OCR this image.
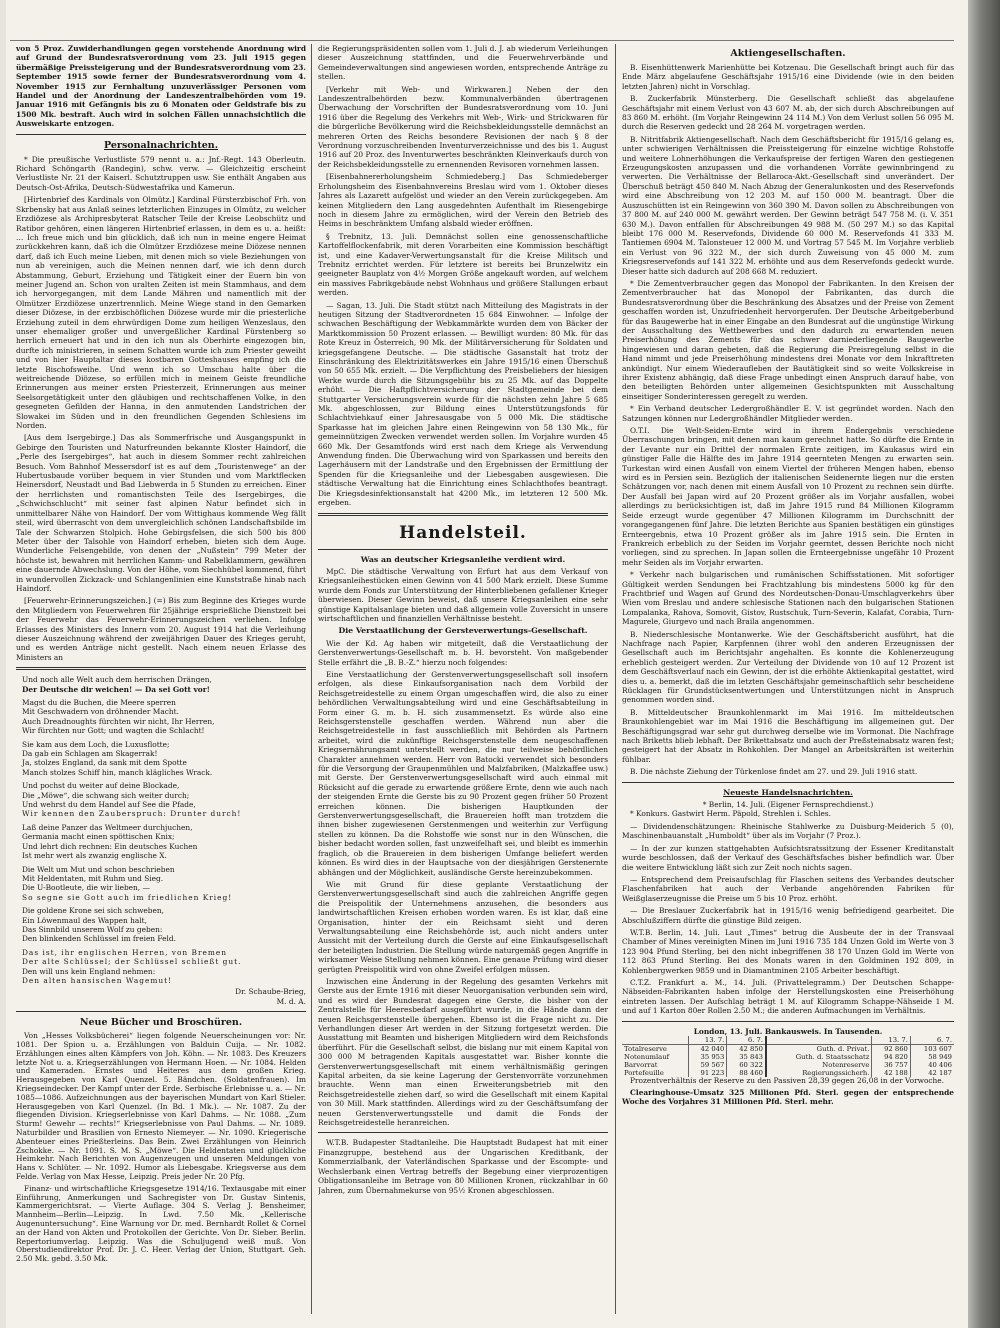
von 5 Proz. Zuwiderhandlungen gegen vorstehende Anordnung wird auf Grund der Bundesratsverordnung vom 23. Juli 1915 gegen übermäßige Preissteigerung und der Bundesratsverordnung vom 23. September 1915 sowie ferner der Bundesratsverordnung vom 4. November 1915 zur Fernhaltung unzuverlässiger Personen vom Handel und der Anordnung der Landeszentralbehörden vom 19. Januar 1916 mit Gefängnis bis zu 6 Monaten oder Geldstrafe bis zu 1500 Mk. bestraft. Auch wird in solchen Fällen unnachsichtlich die Ausweiskarte entzogen.

Personalnachrichten.

* Die preußische Verlustliste 579 nennt u. a.: Jnf.-Regt. 143 Oberleutn. Richard Schöngarth (Randegin), schw. verw. — Gleichzeitig erscheint Verlustliste Nr. 21 der Kaiserl. Schutztruppen usw. Sie enthält Angaben aus Deutsch-Ost-Afrika, Deutsch-Südwestafrika und Kamerun.

[Hirtenbrief des Kardinals von Olmütz.] Kardinal Fürsterzbischof Frh. von Skrbensky hat aus Anlaß seines letzterlichen Einzuges in Olmütz, zu welcher Erzdiözese als Archipresbyterat Ratscher Teile der Kreise Leobschütz und Ratibor gehören, einen längeren Hirtenbrief erlassen, in dem es u. a. heißt: … Ich freue mich und bin glücklich, daß ich nun in meine engere Heimat zurückkehren kann, daß ich die Olmützer Erzdiözese meine Diözese nennen darf, daß ich Euch meine Lieben, mit denen mich so viele Beziehungen von nun ab vereinigen, auch die Meinen nennen darf, wie ich denn durch Abstammung, Geburt, Erziehung und Tätigkeit einer der Euern bin von meiner Jugend an. Schon von uralten Zeiten ist mein Stammhaus, and dem ich hervorgegangen, mit dem Lande Mähren und namentlich mit der Olmützer Erzdiözese unzertrennlich. Meine Wiege stand in den Gemarken dieser Diözese, in der erzbischöflichen Diözese wurde mir die priesterliche Erziehung zuteil in dem ehrwürdigen Dome zum heiligen Wenzeslaus, den unser ehemaliger großer und unvergeßlicher Kardinal Fürstenberg so herrlich erneuert hat und in den ich nun als Oberhirte eingezogen bin, durfte ich ministrieren, in seinem Schatten wurde ich zum Priester geweiht und von hier Hauptaltar dieses kostbaren Gotteshauses empfing ich die letzte Bischofsweihe. Und wenn ich so Umschau halte über die weitreichende Diözese, so erfüllen mich in meinem Geiste freundliche Erinnerungen aus meiner ersten Priesterzeit, Erinnerungen aus meiner Seelsorgetätigkeit unter den gläubigen und rechtschaffenen Volke, in den gesegneten Gefilden der Hanna, in den anmutenden Landstrichen der Slowakei im Süden und in den freundlichen Gegenden Schlesiens im Norden.

[Aus dem Isergebirge.] Das als Sommerfrische und Ausgangspunkt in Gebirge den Touristen und Naturfreunden bekannte Kloster Haindorf, die „Perle des Isergebirges“, hat auch in diesem Sommer recht zahlreichen Besuch. Vom Bahnhof Messersdorf ist es auf dem „Touristenwege“ an der Hubertusbaude vorüber bequem in vier Stunden und vom Marktflecken Heinersdorf, Neustadt und Bad Liebwerda in 5 Stunden zu erreichen. Einer der herrlichsten und romantischsten Teile des Isergebirges, die „Schwichschlucht“ mit seiner fast alpinen Natur befindet sich in unmittelbarer Nähe von Haindorf. Der vom Wittighaus kommende Weg fällt steil, wird überrascht von dem unvergleichlich schönen Landschaftsbilde im Tale der Schwarzen Stolpich. Hohe Gebirgsfelsen, die sich 500 bis 800 Meter über der Talsohle von Haindorf erheben, bieten sich dem Auge. Wunderliche Felsengebilde, von denen der „Nußstein“ 799 Meter der höchste ist, bewahren mit herrlichen Kamm- und Rabelklammern, gewähren eine dauernde Abwechslung. Von der Höhe, vom Siechhübel kommend, führt in wundervollen Zickzack- und Schlangenlinien eine Kunststraße hinab nach Haindorf.

[Feuerwehr-Erinnerungszeichen.] (=) Bis zum Beginne des Krieges wurde den Mitgliedern von Feuerwehren für 25jährige ersprießliche Dienstzeit bei der Feuerwehr das Feuerwehr-Erinnerungszeichen verliehen. Infolge Erlasses des Ministers des Innern vom 20. August 1914 hat die Verleihung dieser Auszeichnung während der zweijährigen Dauer des Krieges geruht, und es werden Anträge nicht gestellt. Nach einem neuen Erlasse des Ministers an

Und noch alle Welt auch dem herrischen Drängen,
Der Deutsche dir weichen! — Da sei Gott vor!
Magst du die Buchen, die Meere sperren
Mit Geschwadern von dröhnender Macht.
Auch Dreadnoughts fürchten wir nicht, Ihr Herren,
Wir fürchten nur Gott; und wagten die Schlacht!
Sie kam aus dem Loch, die Luxusflotte;
Da gab ein Schlagen am Skagerrak!
Ja, stolzes England, da sank mit dem Spotte
Manch stolzes Schiff hin, manch klägliches Wrack.
Und pochst du weiter auf deine Blockade,
Die „Möwe“, die schwang sich weiter durch;
Und wehrst du dem Handel auf See die Pfade,
Wir kennen den Zauberspruch: Drunter durch!
Laß deine Panzer das Weltmeer durchjuchen,
Germania macht einen spöttischen Knix;
Und lehrt dich rechnen: Ein deutsches Kuchen
Ist mehr wert als zwanzig englische X.
Die Welt um Mut und schon beschrieben
Mit Heldentaten, mit Ruhm und Sieg.
Die U-Bootleute, die wir lieben, —
So segne sie Gott auch im friedlichen Krieg!
Die goldene Krone sei sich schweben,
Ein Löwenmaul des Wappen halt,
Das Sinnbild unserem Wolf zu geben:
Den blinkenden Schlüssel im freien Feld.
Das ist, ihr englischen Herren, von Bremen
Der alte Schlüssel; der Schlüssel schließt gut.
Den will uns kein England nehmen:
Den alten hansischen Wagemut!
Dr. Schaube-Brieg,
M. d. A.
Neue Bücher und Broschüren.

Von „Hesses Volksbücherei“ liegen folgende Neuerscheinungen vor: Nr. 1081. Der Spion u. a. Erzählungen von Balduin Cuija. — Nr. 1082. Erzählungen eines alten Kämpfers von Joh. Köhn. — Nr. 1083. Des Kreuzers letzte Not u. a. Kriegserzählungen von Hermann Hoen. — Nr. 1084. Helden und Kameraden. Ernstes und Heiteres aus dem großen Krieg. Herausgegeben von Karl Quenzel. 5. Bändchen. (Soldatenfrauen). Im Kriegseindecker. Der Kampf unter der Erde. Serbische Erlebnisse u. a. — Nr. 1085—1086. Aufzeichnungen aus der bayerischen Mundart von Karl Stieler. Herausgegeben von Karl Quenzel. (In Bd. 1 Mk.). — Nr. 1087. Zu der fliegenden Division. Kriegserlebnisse von Karl Dahms. — Nr. 1088. „Zum Sturm! Gewehr — rechts!“ Kriegserlebnisse von Paul Dahms. — Nr. 1089. Naturbilder und Brasilien von Ernesto Niemeyer. — Nr. 1090. Kriegerische Abenteuer eines Prießterleins. Das Bein. Zwei Erzählungen von Heinrich Zschokke. — Nr. 1091. S. M. S. „Möwe“. Die Heldentaten und glückliche Heimkehr. Nach Berichten von Augenzeugen und unseren Meldungen von Hans v. Schlüter. — Nr. 1092. Humor als Liebesgabe. Kriegsverse aus dem Felde. Verlag von Max Hesse, Leipzig. Preis jeder Nr. 20 Pfg.

Finanz- und wirtschaftliche Kriegsgesetze 1914/16. Textausgabe mit einer Einführung, Anmerkungen und Sachregister von Dr. Gustav Sintenis, Kammergerichtsrat. — Vierte Auflage. 304 S. Verlag J. Bensheimer, Mannheim—Berlin—Leipzig. In Lwd. 7.50 Mk. „Kellerische Augenuntersuchung“. Eine Warnung vor Dr. med. Bernhardt Rollet & Cornel an der Hand von Akten und Protokollen der Gerichte. Von Dr. Sieber. Berlin. Repertoriumverlag. Leipzig. Was die Schuljugend weiß muß. Von Oberstudiendirektor Prof. Dr. J. C. Heer. Verlag der Union, Stuttgart. Geh. 2.50 Mk. gebd. 3.50 Mk.

die Regierungspräsidenten sollen vom 1. Juli d. J. ab wiederum Verleihungen dieser Auszeichnung stattfinden, und die Feuerwehrverbände und Gemeindeverwaltungen sind angewiesen worden, entsprechende Anträge zu stellen.

[Verkehr mit Web- und Wirkwaren.] Neben der den Landeszentralbehörden bezw. Kommunalverbänden übertragenen Überwachung der Vorschriften der Bundesratsverordnung vom 10. Juni 1916 über die Regelung des Verkehrs mit Web-, Wirk- und Strickwaren für die bürgerliche Bevölkerung wird die Reichsbekleidungsstelle demnächst an mehreren Orten des Reichs besondere Revisionen der nach § 8 der Verordnung vorzuschreibenden Inventurverzeichnisse und des bis 1. August 1916 auf 20 Proz. des Inventurwertes beschränkten Kleinverkaufs durch von der Reichsbekleidungsstelle zu ernennenden Revisoren vornehmen lassen.

[Eisenbahnererholungsheim Schmiedeberg.] Das Schmiedeberger Erholungsheim des Eisenbahnvereins Breslau wird vom 1. Oktober dieses Jahres als Lazarett aufgelöst und wieder an den Verein zurückgegeben. Am keinen Mitgliedern den Lang ausgedehnten Aufenthalt im Riesengebirge noch in diesem Jahre zu ermöglichen, wird der Verein den Betrieb des Heims in beschränktem Umfang alsbald wieder eröffnen.

§ Trebnitz, 13. Juli. Demnächst sollen eine genossenschaftliche Kartoffelflockenfabrik, mit deren Vorarbeiten eine Kommission beschäftigt ist, und eine Kadaver-Verwertungsanstalt für die Kreise Militsch und Trebnitz errichtet werden. Für letztere ist bereits bei Brunzelwitz ein geeigneter Bauplatz von 4½ Morgen Größe angekauft worden, auf welchem ein massives Fabrikgebäude nebst Wohnhaus und größere Stallungen erbaut werden.

— Sagan, 13. Juli. Die Stadt stützt nach Mitteilung des Magistrats in der heutigen Sitzung der Stadtverordneten 15 684 Einwohner. — Infolge der schwachen Beschäftigung der Webkammärkte wurden dem von Bäcker der Marktkommission 50 Prozent erlassen. — Bewilligt wurden: 80 Mk. für das Rote Kreuz in Österreich, 90 Mk. der Militärversicherung für Soldaten und kriegsgefangene Deutsche. — Die städtische Gasanstalt hat trotz der Einschränkung des Elektrizitätswerkes ein Jahre 1915/16 einen Überschuß von 50 655 Mk. erzielt. — Die Verpflichtung des Preisbeliebers der hiesigen Werke wurde durch die Sitzungsgebühr bis zu 25 Mk. auf das Doppelte erhöht. — Die Haftpflichtversicherung der Stadtgemeinde bei dem Stuttgarter Versicherungsverein wurde für die nächsten zehn Jahre 5 685 Mk. abgeschlossen, zur Bildung eines Unterstützungsfonds für Schlachtviehkauf einer Jahresausgabe von 5 000 Mk. Die städtische Sparkasse hat im gleichen Jahre einen Reingewinn von 58 130 Mk., für gemeinnützigen Zwecken verwendet werden sollen. Im Vorjahre wurden 45 660 Mk. Der Gesamtfonds wird erst nach dem Kriege als Verwendung Anwendung finden. Die Überwachung wird von Sparkassen und bereits den Lagerhäusern mit der Landstraße und den Ergebnissen der Ermittlung der Spenden für die Kriegsanleihe und der Liebesgaben ausgewiesen. Die städtische Verwaltung hat die Einrichtung eines Schlachthofes beantragt. Die Kriegsdesinfektionsanstalt hat 4200 Mk., im letzteren 12 500 Mk. ergeben.

Handelsteil.
Was an deutscher Kriegsanleihe verdient wird.

MpC. Die städtische Verwaltung von Erfurt hat aus dem Verkauf von Kriegsanleihestücken einen Gewinn von 41 500 Mark erzielt. Diese Summe wurde dem Fonds zur Unterstützung der Hinterbliebenen gefallener Krieger überwiesen. Dieser Gewinn beweist, daß unsere Kriegsanleihen eine sehr günstige Kapitalsanlage bieten und daß allgemein volle Zuversicht in unsere wirtschaftlichen und finanziellen Verhältnisse besteht.

Die Verstaatlichung der Gersteverwertungs-Gesellschaft.

Wie der Kd. Ag haben wir mitgeteilt, daß die Verstaatlichung der Gerstenverwertungs-Gesellschaft m. b. H. bevorsteht. Von maßgebender Stelle erfährt die „B. B.-Z.“ hierzu noch folgendes:

Eine Verstaatlichung der Gerstenverwertungsgesellschaft soll insofern erfolgen, als diese Einkaufsorganisation nach dem Vorbild der Reichsgetreidestelle zu einem Organ umgeschaffen wird, die also zu einer behördlichen Verwaltungsabteilung wird und eine Geschäftsabteilung in Form einer G. m. b. H. sich zusammensetzt. Es würde also eine Reichsgerstenstelle geschaffen werden. Während nun aber die Reichsgetreidestelle in fast ausschließlich mit Behörden als Partnern arbeitet, wird die zukünftige Reichsgerstenstelle dem neugeschaffenen Kriegsernährungsamt unterstellt werden, die nur teilweise behördlichen Charakter annehmen werden. Herr von Batocki verwendet sich besonders für die Versorgung der Graupenmühlen und Malzfabriken, (Malzkaffee usw.) mit Gerste. Der Gerstenverwertungsgesellschaft wird auch einmal mit Rücksicht auf die gerade zu erwartende größere Ernte, denn wie auch nach der steigenden Ernte die Gerste bis zu 90 Prozent gegen früher 50 Prozent erreichen können. Die bisherigen Hauptkunden der Gerstenverwertungsgesellschaft, die Brauereien hofft man trotzdem die ihnen bisher zugewiesenen Gerstenmengen und weiterhin zur Verfügung stellen zu können. Da die Rohstoffe wie sonst nur in den Wünschen, die bisher bedacht worden sollen, fast unzweifelhaft sei, und bleibt es immerhin fraglich, ob die Brauereien in dem bisherigen Umfange beliefert werden können. Es wird dies in der Hauptsache von der diesjährigen Gerstenernte abhängen und der Möglichkeit, ausländische Gerste hereinzubekommen.

Wie mit Grund für diese geplante Verstaatlichung der Gerstenverwertungsgesellschaft sind auch die zahlreichen Angriffe gegen die Preispolitik der Unternehmens anzusehen, die besonders aus landwirtschaftlichen Kreisen erhoben worden waren. Es ist klar, daß eine Organisation, hinter der ein Reichsamt sieht und deren Verwaltungsabteilung eine Reichsbehörde ist, auch nicht anders unter Aussicht mit der Verteilung durch die Gerste auf eine Einkaufsgesellschaft der beteiligten Industrien. Die Stellung würde naturgemäß gegen Angriffe in wirksamer Weise Stellung nehmen können. Eine genaue Prüfung wird dieser gerügten Preispolitik wird von ohne Zweifel erfolgen müssen.

Inzwischen eine Änderung in der Regelung des gesamten Verkehrs mit Gerste aus der Ernte 1916 mit dieser Neuorganisation verbunden sein wird, und es wird der Bundesrat dagegen eine Gerste, die bisher von der Zentralstelle für Heeresbedarf ausgeführt wurde, in die Hände dann der neuen Reichsgerstenstelle übergehen. Ebenso ist die Frage nicht zu. Die Verhandlungen dieser Art werden in der Sitzung fortgesetzt werden. Die Ausstattung mit Beamten und bisherigen Mitgliedern wird dem Reichsfonds überführt. Für die Gesellschaft selbst, die bislang nur mit einem Kapital von 300 000 M betragenden Kapitals ausgestattet war. Bisher konnte die Gerstenverwertungsgesellschaft mit einem verhältnismäßig geringen Kapital arbeiten, da sie keine Lagerung der Gerstenvorräte vorzunehmen brauchte. Wenn man einen Erweiterungsbetrieb mit den Reichsgetreidestelle ziehen darf, so wird die Gesellschaft mit einem Kapital von 30 Mill. Mark stattfinden. Allerdings wird zu der Geschäftsumfang der neuen Gerstenverwertungsstelle und damit die Fonds der Reichsgetreidestelle heranreichen.

W.T.B. Budapester Stadtanleihe. Die Hauptstadt Budapest hat mit einer Finanzgruppe, bestehend aus der Ungarischen Kreditbank, der Kommerzialbank, der Vaterländischen Sparkasse und der Escompte- und Wechslerbank einen Vertrag betreffs der Begebung einer vierprozentigen Obligationsanleihe im Betrage von 80 Millionen Kronen, rückzahlbar in 60 Jahren, zum Übernahmekurse von 95½ Kronen abgeschlossen.

Aktiengesellschaften.

B. Eisenhüttenwerk Marienhütte bei Kotzenau. Die Gesellschaft bringt auch für das Ende März abgelaufene Geschäftsjahr 1915/16 eine Dividende (wie in den beiden letzten Jahren) nicht in Vorschlag.

B. Zuckerfabrik Münsterberg. Die Gesellschaft schließt das abgelaufene Geschäftsjahr mit einem Verlust von 43 607 M. ab, der sich durch Abschreibungen auf 83 860 M. erhöht. (Im Vorjahr Reingewinn 24 114 M.) Von dem Verlust sollen 56 095 M. durch die Reserven gedeckt und 28 264 M. vorgetragen werden.

B. Nitritfabrik Aktiengesellschaft. Nach dem Geschäftsbericht für 1915/16 gelang es, unter schwierigen Verhältnissen die Preissteigerung für einzelne wichtige Rohstoffe und weitere Lohnerhöhungen die Verkaufspreise der fertigen Waren den gestiegenen Erzeugungskosten anzupassen und die vorhandenen Vorräte gewinnbringend zu verwerten. Die Verhältnisse der Bellaroca-Akt.-Gesellschaft sind unverändert. Der Überschuß beträgt 450 840 M. Nach Abzug der Generalunkosten und des Reservefonds wird eine Abschreibung von 12 203 M. auf 150 000 M. beantragt. Über die Auszuschütten ist ein Reingewinn von 360 390 M. Davon sollen zu Abschreibungen von 37 800 M. auf 240 000 M. gewährt werden. Der Gewinn beträgt 547 758 M. (i. V. 351 630 M.). Davon entfallen für Abschreibungen 49 988 M. (50 297 M.) so das Kapital bleibt 176 000 M. Reservefonds, Dividende 60 000 M. Reservefonds 41 333 M. Tantiemen 6904 M. Talonsteuer 12 000 M. und Vortrag 57 545 M. Im Vorjahre verblieb ein Verlust von 96 322 M., der sich durch Zuweisung von 45 000 M. zum Kriegsreservefonds auf 141 322 M. erhöhte und aus dem Reservefonds gedeckt wurde. Dieser hatte sich dadurch auf 208 668 M. reduziert.

* Die Zementverbraucher gegen das Monopol der Fabrikanten. In den Kreisen der Zementverbraucher hat das Monopol der Fabrikanten, das durch die Bundesratsverordnung über die Beschränkung des Absatzes und der Preise von Zement geschaffen worden ist, Unzufriedenheit hervorgerufen. Der Deutsche Arbeitgeberbund für das Baugewerbe hat in einer Eingabe an den Bundesrat auf die ungünstige Wirkung der Ausschaltung des Wettbewerbes und den dadurch zu erwartenden neuen Preiserhöhung des Zements für das schwer darniederliegende Baugewerbe hingewiesen und daran gebeten, daß die Regierung die Preisregelung selbst in die Hand nimmt und jede Preiserhöhung mindestens drei Monate vor dem Inkrafttreten ankündigt. Nur einem Wiederaufleben der Bautätigkeit sind so weite Volkskreise in ihrer Existenz abhängig, daß diese Frage unbedingt einen Anspruch darauf habe, von den beteiligten Behörden unter allgemeinen Gesichtspunkten mit Ausschaltung einseitiger Sonderinteressen geregelt zu werden.

* Ein Verband deutscher Ledergroßhändler E. V. ist gegründet worden. Nach den Satzungen können nur Ledergroßhändler Mitglieder werden.

O.T.I. Die Welt-Seiden-Ernte wird in ihrem Endergebnis verschiedene Überraschungen bringen, mit denen man kaum gerechnet hatte. So dürfte die Ernte in der Levante nur ein Drittel der normalen Ernte zeitigen, im Kaukasus wird ein günstiger Falle die Hälfte des im Jahre 1914 geernteten Mengen zu erwarten sein. Turkestan wird einen Ausfall von einem Viertel der früheren Mengen haben, ebenso wird es in Persien sein. Bezüglich der italienischen Seidenernte liegen nur die ersten Schätzungen vor, nach denen mit einem Ausfall von 10 Prozent zu rechnen sein dürfte. Der Ausfall bei Japan wird auf 20 Prozent größer als im Vorjahr ausfallen, wobei allerdings zu berücksichtigen ist, daß im Jahre 1915 rund 84 Millionen Kilogramm Seide erzeugt wurde gegenüber 47 Millionen Kilogramm im Durchschnitt der vorangegangenen fünf Jahre. Die letzten Berichte aus Spanien bestätigen ein günstiges Ernteergebnis, etwa 10 Prozent größer als im Jahre 1915 sein. Die Ernten in Frankreich erbeblich zu der Seiden im Vorjahr geerntet, dessen Berichte noch nicht vorliegen, sind zu sprechen. In Japan sollen die Ernteergebnisse ungefähr 10 Prozent mehr Seiden als im Vorjahr erwarten.

* Verkehr nach bulgarischen und rumänischen Schiffsstationen. Mit sofortiger Gültigkeit werden Sendungen bei Frachtzahlung bis mindestens 5000 kg für den Frachtbrief und Wagen auf Grund des Nordeutschen-Donau-Umschlagverkehrs über Wien vom Breslau und andere schlesische Stationen nach den bulgarischen Stationen Lompalanka, Rahova, Somovit, Gistov, Rustschuk, Turn-Severin, Kalafat, Corabia, Turn-Magurele, Giurgevo und nach Braila angenommen.

B. Niederschlesische Montanwerke. Wie der Geschäftsbericht ausführt, hat die Nachfrage nach Papier, Karpfennen (ihrer wohl den anderen Erzeugnissen der Gesellschaft auch im Berichtsjahr angehalten. Es konnte die Kohlenerzeugung erheblich gesteigert werden. Zur Verteilung der Dividende von 10 auf 12 Prozent ist dem Geschäftsverlauf nach ein Gewinn, der ist die erhöhte Aktienkapital gestattet, wird dies u. a. bemerkt, daß die im letzten Geschäftsjahr gemeinschaftlich sehr bescheidene Rücklagen für Grundstücksentwertungen und Unterstützungen nicht in Anspruch genommen worden sind.

B. Mitteldeutscher Braunkohlenmarkt im Mai 1916. Im mitteldeutschen Braunkohlengebiet war im Mai 1916 die Beschäftigung im allgemeinen gut. Der Beschäftigungsgrad war sehr gut durchweg derselbe wie im Vormonat. Die Nachfrage nach Briketts blieb lebhaft. Der Brikettabsatz und auch der Preßsteinabsatz waren fest; gesteigert hat der Absatz in Rohkohlen. Der Mangel an Arbeitskräften ist weiterhin fühlbar.

B. Die nächste Ziehung der Türkenlose findet am 27. und 29. Juli 1916 statt.

Neueste Handelsnachrichten.
* Berlin, 14. Juli. (Eigener Fernsprechdienst.)

* Konkurs. Gastwirt Herm. Päpold, Strehlen i. Schles.

— Dividendenschätzungen: Rheinische Stahlwerke zu Duisburg-Meiderich 5 (0), Maschinenbauanstalt „Humboldt“ über als im Vorjahr (7 Proz.).

— In der zur kunzen stattgehabten Aufsichtsratssitzung der Essener Kreditanstalt wurde beschlossen, daß der Verkauf des Geschäftsfaches bisher befindlich war. Über die weitere Entwicklung läßt sich zur Zeit noch nichts sagen.

— Entsprechend dem Preisaufschlag für Flaschen seitens des Verbandes deutscher Flaschenfabriken hat auch der Verbande angehörenden Fabriken für Weißglaserzeugnisse die Preise um 5 bis 10 Proz. erhöht.

— Die Breslauer Zuckerfabrik hat in 1915/16 wenig befriedigend gearbeitet. Die Abschlußziffern dürfte die günstige Bild zeigen.

W.T.B. Berlin, 14. Juli. Laut „Times“ betrug die Ausbeute der in der Transvaal Chamber of Mines vereinigten Minen im Juni 1916 735 184 Unzen Gold im Werte von 3 123 904 Pfund Sterling, bei den nicht inbegriffenen 38 170 Unzen Gold im Werte von 112 863 Pfund Sterling. Bei des Monats waren in den Goldminen 192 809, in Kohlenbergwerken 9859 und in Diamantminen 2105 Arbeiter beschäftigt.

C.T.Z. Frankfurt a. M., 14. Juli. (Privattelegramm.) Der Deutschen Schappe-Näbseiden-Fabrikanten haben infolge der Herstellungskosten eine Preiserhöhung eintreten lassen. Der Aufschlag beträgt 1 M. auf Kilogramm Schappe-Nähseide 1 M. und auf 1 Karton 80er Rollen 2.50 M.; die anderen Aufmachungen im Verhältnis.

London, 13. Juli. Bankausweis. In Tausenden.
	13. 7.	6. 7.		13. 7.	6. 7.
Totalreserve	42 040	42 850	Guth. d. Privat.	92 860	103 607
Notenumlauf	35 953	35 843	Guth. d. Staatsschatz	94 820	58 949
Barvorrat	59 567	60 322	Notenreserve	36 757	40 406
Portefeuille	91 223	88 460	Regierungssicherh.	42 188	42 187

Prozentverhältnis der Reserve zu den Passiven 28,39 gegen 26,08 in der Vorwoche.

Clearinghouse-Umsatz 325 Millionen Pfd. Sterl. gegen der entsprechende Woche des Vorjahres 31 Millionen Pfd. Sterl. mehr.
